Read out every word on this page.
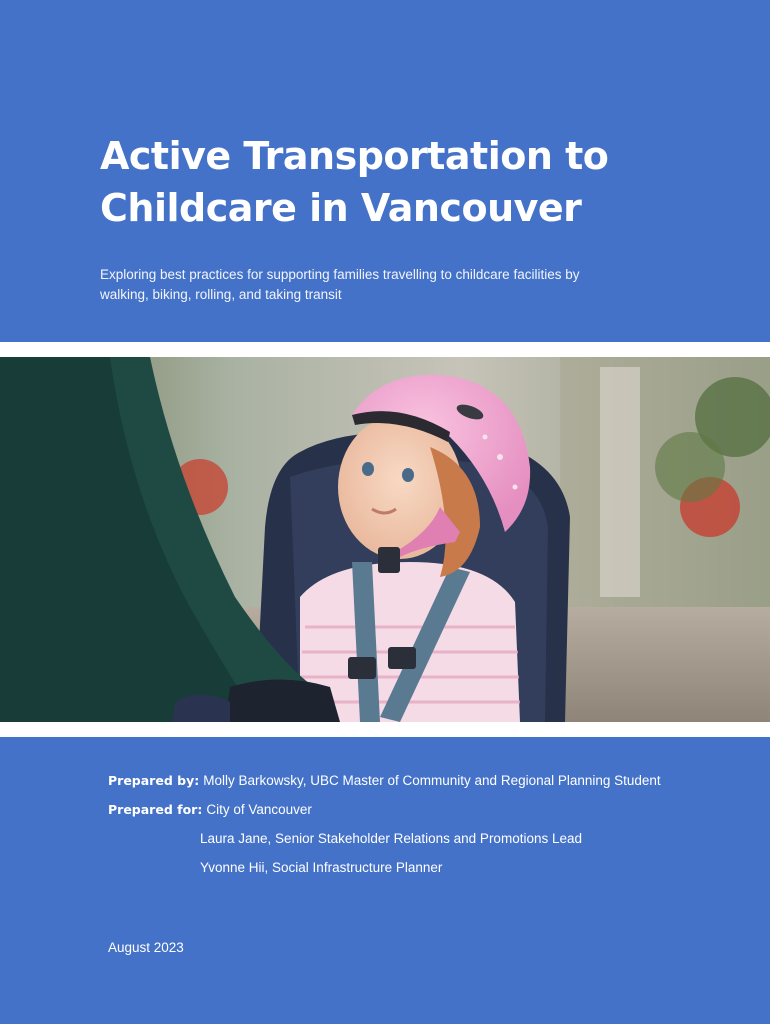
Active Transportation to
Childcare in Vancouver

Exploring best practices for supporting families travelling to childcare facilities by
walking, biking, rolling, and taking transit

Prepared by: Molly Barkowsky, UBC Master of Community and Regional Planning Student
Prepared for: City of Vancouver
Laura Jane, Senior Stakeholder Relations and Promotions Lead
Yvonne Hii, Social Infrastructure Planner
August 2023
